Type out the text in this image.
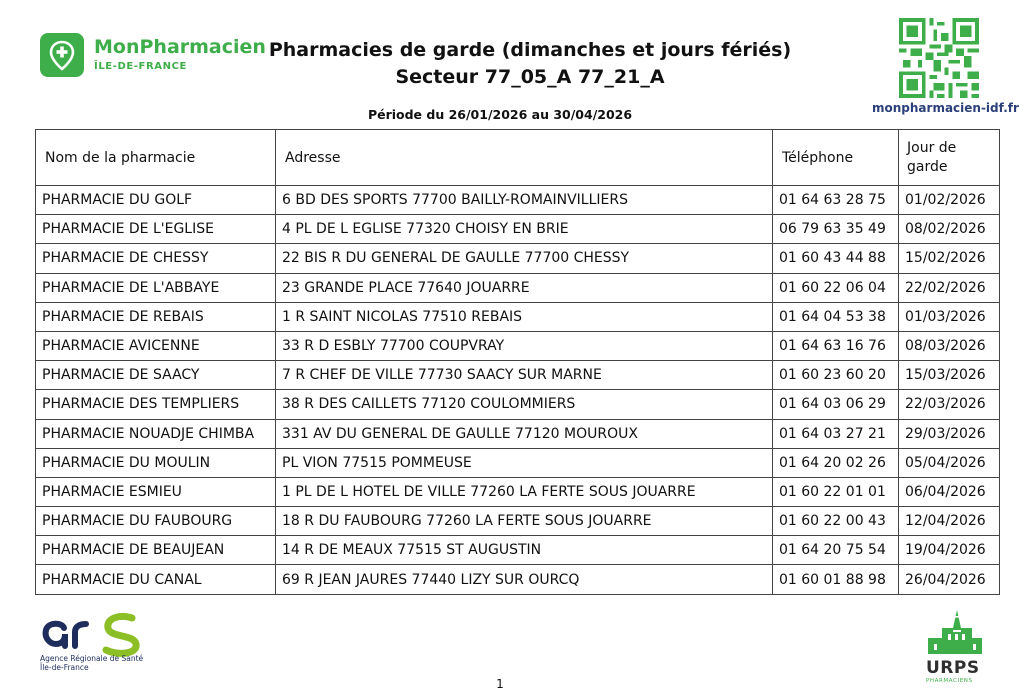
MonPharmacien
ÎLE-DE-FRANCE
Pharmacies de garde (dimanches et jours fériés)
Secteur 77_05_A 77_21_A
Période du 26/01/2026 au 30/04/2026	monpharmacien-idf.fr
Nom de la pharmacie	Adresse	Téléphone	Jour de garde
PHARMACIE DU GOLF	6 BD DES SPORTS 77700 BAILLY-ROMAINVILLIERS	01 64 63 28 75	01/02/2026
PHARMACIE DE L'EGLISE	4 PL DE L EGLISE 77320 CHOISY EN BRIE	06 79 63 35 49	08/02/2026
PHARMACIE DE CHESSY	22 BIS R DU GENERAL DE GAULLE 77700 CHESSY	01 60 43 44 88	15/02/2026
PHARMACIE DE L'ABBAYE	23 GRANDE PLACE 77640 JOUARRE	01 60 22 06 04	22/02/2026
PHARMACIE DE REBAIS	1 R SAINT NICOLAS 77510 REBAIS	01 64 04 53 38	01/03/2026
PHARMACIE AVICENNE	33 R D ESBLY 77700 COUPVRAY	01 64 63 16 76	08/03/2026
PHARMACIE DE SAACY	7 R CHEF DE VILLE 77730 SAACY SUR MARNE	01 60 23 60 20	15/03/2026
PHARMACIE DES TEMPLIERS	38 R DES CAILLETS 77120 COULOMMIERS	01 64 03 06 29	22/03/2026
PHARMACIE NOUADJE CHIMBA	331 AV DU GENERAL DE GAULLE 77120 MOUROUX	01 64 03 27 21	29/03/2026
PHARMACIE DU MOULIN	PL VION 77515 POMMEUSE	01 64 20 02 26	05/04/2026
PHARMACIE ESMIEU	1 PL DE L HOTEL DE VILLE 77260 LA FERTE SOUS JOUARRE	01 60 22 01 01	06/04/2026
PHARMACIE DU FAUBOURG	18 R DU FAUBOURG 77260 LA FERTE SOUS JOUARRE	01 60 22 00 43	12/04/2026
PHARMACIE DE BEAUJEAN	14 R DE MEAUX 77515 ST AUGUSTIN	01 64 20 75 54	19/04/2026
PHARMACIE DU CANAL	69 R JEAN JAURES 77440 LIZY SUR OURCQ	01 60 01 88 98	26/04/2026
Agence Régionale de Santé
Île-de-France	URPS
PHARMACIENS
1
